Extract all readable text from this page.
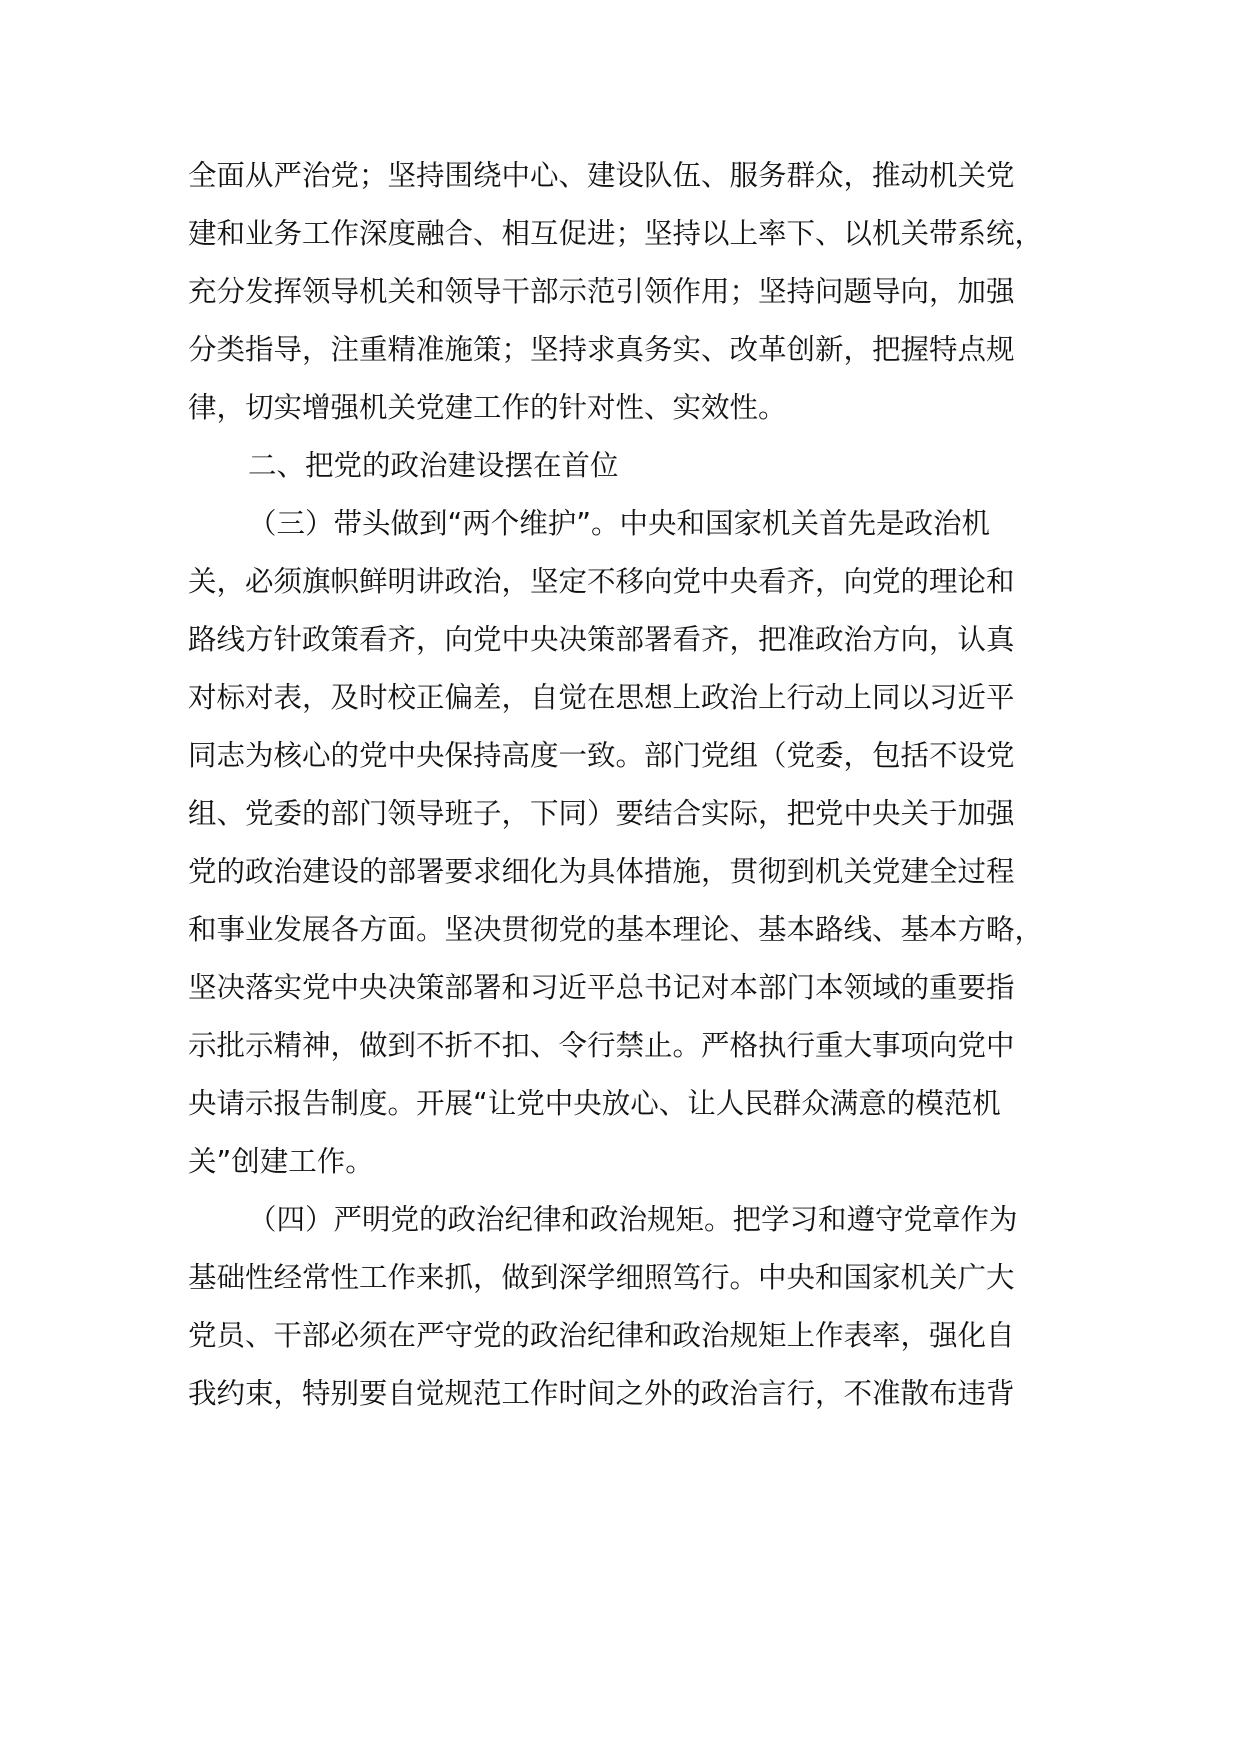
全面从严治党；坚持围绕中心、建设队伍、服务群众，推动机关党
建和业务工作深度融合、相互促进；坚持以上率下、以机关带系统，
充分发挥领导机关和领导干部示范引领作用；坚持问题导向，加强
分类指导，注重精准施策；坚持求真务实、改革创新，把握特点规
律，切实增强机关党建工作的针对性、实效性。
二、把党的政治建设摆在首位
（三）带头做到“两个维护”。中央和国家机关首先是政治机
关，必须旗帜鲜明讲政治，坚定不移向党中央看齐，向党的理论和
路线方针政策看齐，向党中央决策部署看齐，把准政治方向，认真
对标对表，及时校正偏差，自觉在思想上政治上行动上同以习近平
同志为核心的党中央保持高度一致。部门党组（党委，包括不设党
组、党委的部门领导班子，下同）要结合实际，把党中央关于加强
党的政治建设的部署要求细化为具体措施，贯彻到机关党建全过程
和事业发展各方面。坚决贯彻党的基本理论、基本路线、基本方略，
坚决落实党中央决策部署和习近平总书记对本部门本领域的重要指
示批示精神，做到不折不扣、令行禁止。严格执行重大事项向党中
央请示报告制度。开展“让党中央放心、让人民群众满意的模范机
关”创建工作。
（四）严明党的政治纪律和政治规矩。把学习和遵守党章作为
基础性经常性工作来抓，做到深学细照笃行。中央和国家机关广大
党员、干部必须在严守党的政治纪律和政治规矩上作表率，强化自
我约束，特别要自觉规范工作时间之外的政治言行，不准散布违背
